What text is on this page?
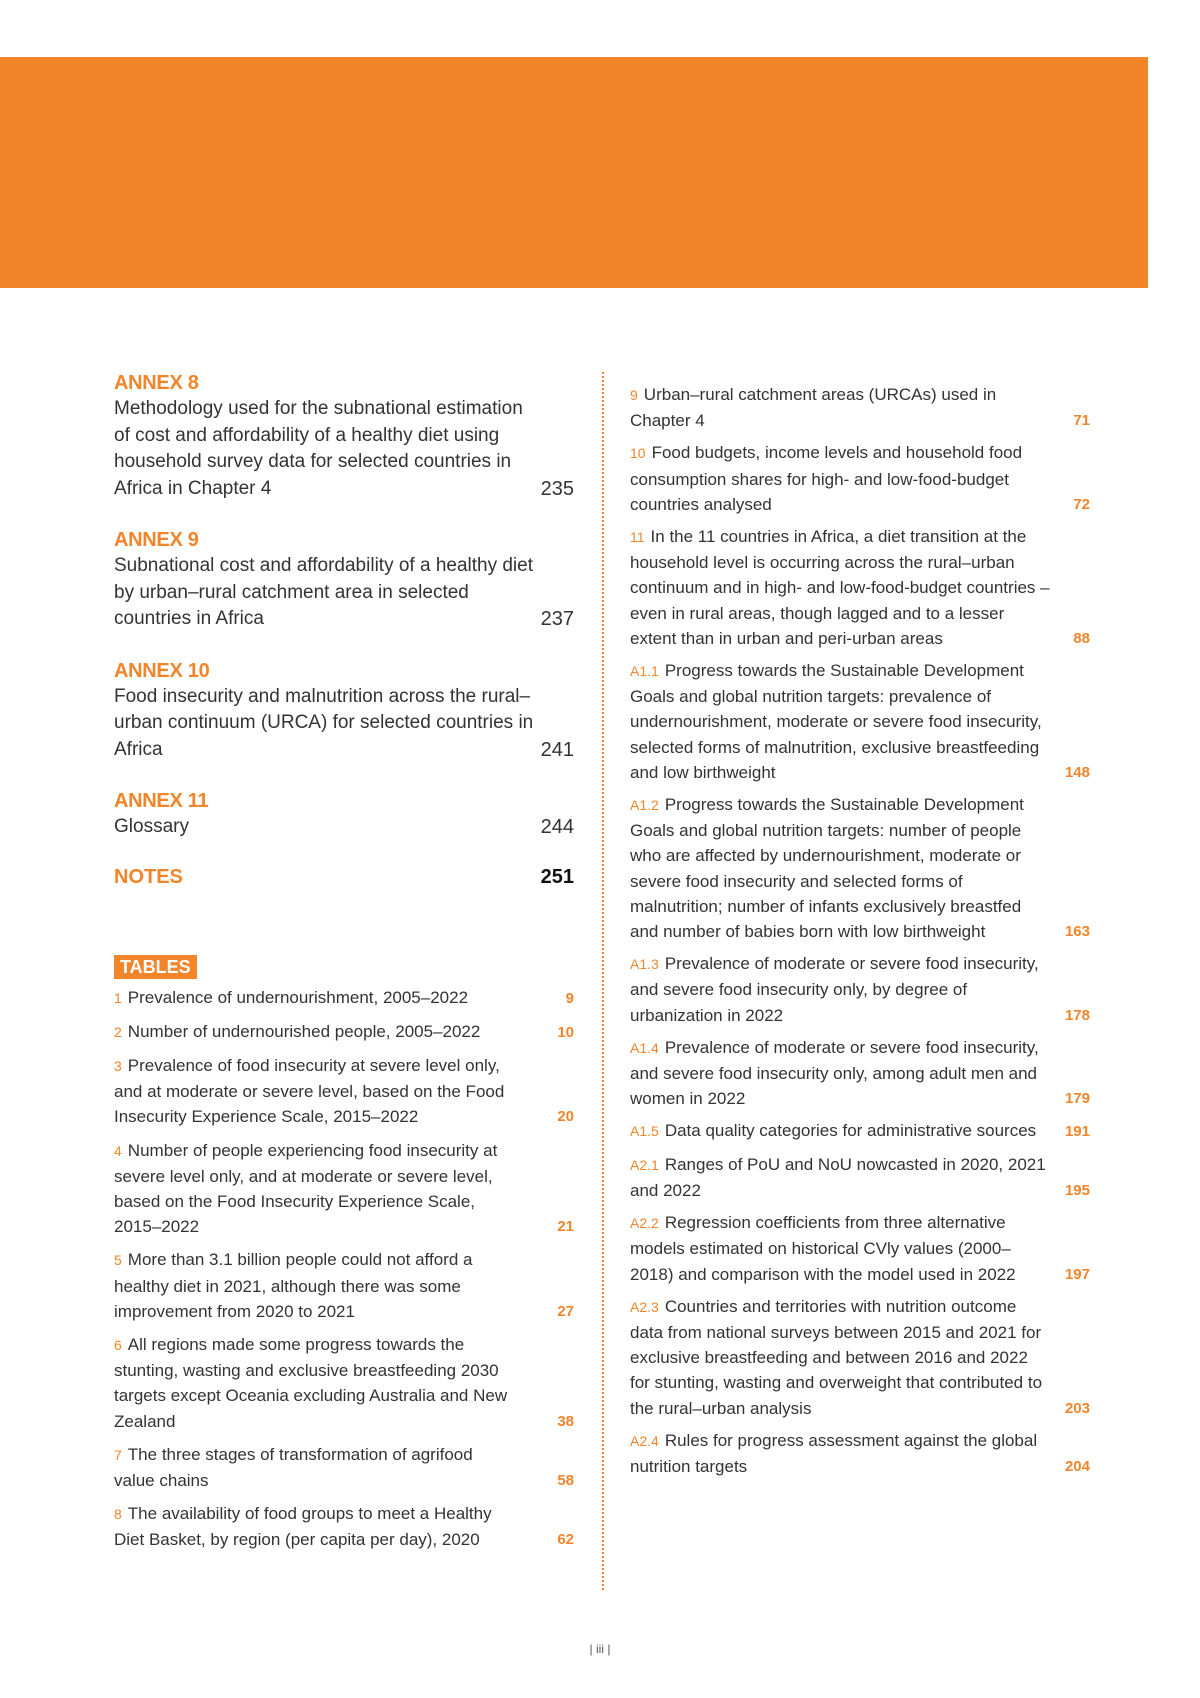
ANNEX 8
Methodology used for the subnational estimation of cost and affordability of a healthy diet using household survey data for selected countries in Africa in Chapter 4	235
ANNEX 9
Subnational cost and affordability of a healthy diet by urban–rural catchment area in selected countries in Africa	237
ANNEX 10
Food insecurity and malnutrition across the rural–urban continuum (URCA) for selected countries in Africa	241
ANNEX 11
Glossary	244
NOTES	251
TABLES
1 Prevalence of undernourishment, 2005–2022	9
2 Number of undernourished people, 2005–2022	10
3 Prevalence of food insecurity at severe level only, and at moderate or severe level, based on the Food Insecurity Experience Scale, 2015–2022	20
4 Number of people experiencing food insecurity at severe level only, and at moderate or severe level, based on the Food Insecurity Experience Scale, 2015–2022	21
5 More than 3.1 billion people could not afford a healthy diet in 2021, although there was some improvement from 2020 to 2021	27
6 All regions made some progress towards the stunting, wasting and exclusive breastfeeding 2030 targets except Oceania excluding Australia and New Zealand	38
7 The three stages of transformation of agrifood value chains	58
8 The availability of food groups to meet a Healthy Diet Basket, by region (per capita per day), 2020	62
9 Urban–rural catchment areas (URCAs) used in Chapter 4	71
10 Food budgets, income levels and household food consumption shares for high- and low-food-budget countries analysed	72
11 In the 11 countries in Africa, a diet transition at the household level is occurring across the rural–urban continuum and in high- and low-food-budget countries – even in rural areas, though lagged and to a lesser extent than in urban and peri-urban areas	88
A1.1 Progress towards the Sustainable Development Goals and global nutrition targets: prevalence of undernourishment, moderate or severe food insecurity, selected forms of malnutrition, exclusive breastfeeding and low birthweight	148
A1.2 Progress towards the Sustainable Development Goals and global nutrition targets: number of people who are affected by undernourishment, moderate or severe food insecurity and selected forms of malnutrition; number of infants exclusively breastfed and number of babies born with low birthweight	163
A1.3 Prevalence of moderate or severe food insecurity, and severe food insecurity only, by degree of urbanization in 2022	178
A1.4 Prevalence of moderate or severe food insecurity, and severe food insecurity only, among adult men and women in 2022	179
A1.5 Data quality categories for administrative sources	191
A2.1 Ranges of PoU and NoU nowcasted in 2020, 2021 and 2022	195
A2.2 Regression coefficients from three alternative models estimated on historical CVly values (2000–2018) and comparison with the model used in 2022	197
A2.3 Countries and territories with nutrition outcome data from national surveys between 2015 and 2021 for exclusive breastfeeding and between 2016 and 2022 for stunting, wasting and overweight that contributed to the rural–urban analysis	203
A2.4 Rules for progress assessment against the global nutrition targets	204
| iii |
